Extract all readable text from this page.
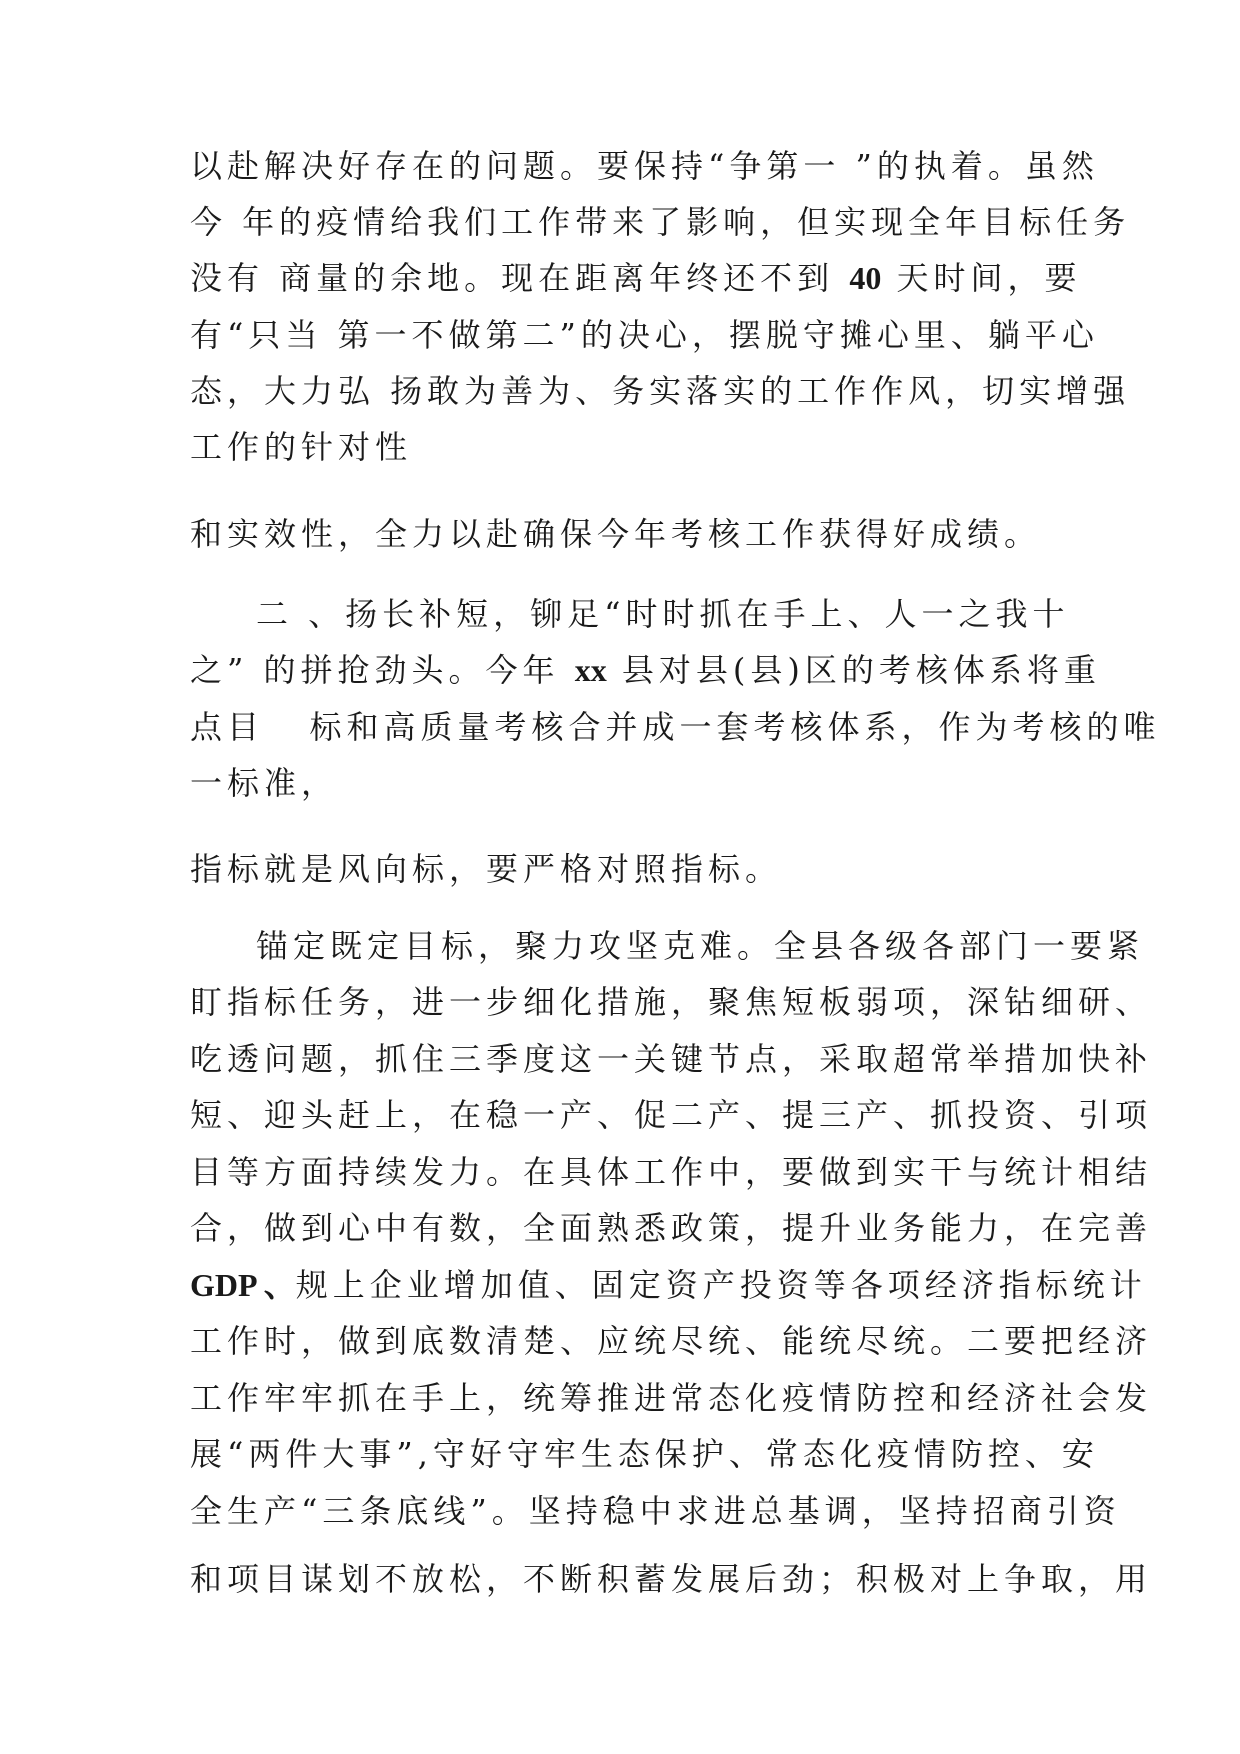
以赴解决好存在的问题。要保持“争第一 ”的执着。虽然
今 年的疫情给我们工作带来了影响，但实现全年目标任务
没有 商量的余地。现在距离年终还不到 40 天时间，要
有“只当 第一不做第二”的决心，摆脱守摊心里、躺平心
态，大力弘 扬敢为善为、务实落实的工作作风，切实增强
工作的针对性
和实效性，全力以赴确保今年考核工作获得好成绩。
二 、扬长补短，铆足“时时抓在手上、人一之我十
之” 的拼抢劲头。今年 xx 县对县(县)区的考核体系将重
点目   标和高质量考核合并成一套考核体系，作为考核的唯
一标准，
指标就是风向标，要严格对照指标。
锚定既定目标，聚力攻坚克难。全县各级各部门一要紧
盯指标任务，进一步细化措施，聚焦短板弱项，深钻细研、
吃透问题，抓住三季度这一关键节点，采取超常举措加快补
短、迎头赶上，在稳一产、促二产、提三产、抓投资、引项
目等方面持续发力。在具体工作中，要做到实干与统计相结
合，做到心中有数，全面熟悉政策，提升业务能力，在完善
GDP 、规上企业增加值、固定资产投资等各项经济指标统计
工作时，做到底数清楚、应统尽统、能统尽统。二要把经济
工作牢牢抓在手上，统筹推进常态化疫情防控和经济社会发
展“两件大事”,守好守牢生态保护、常态化疫情防控、安
全生产“三条底线”。坚持稳中求进总基调，坚持招商引资
和项目谋划不放松，不断积蓄发展后劲；积极对上争取，用
